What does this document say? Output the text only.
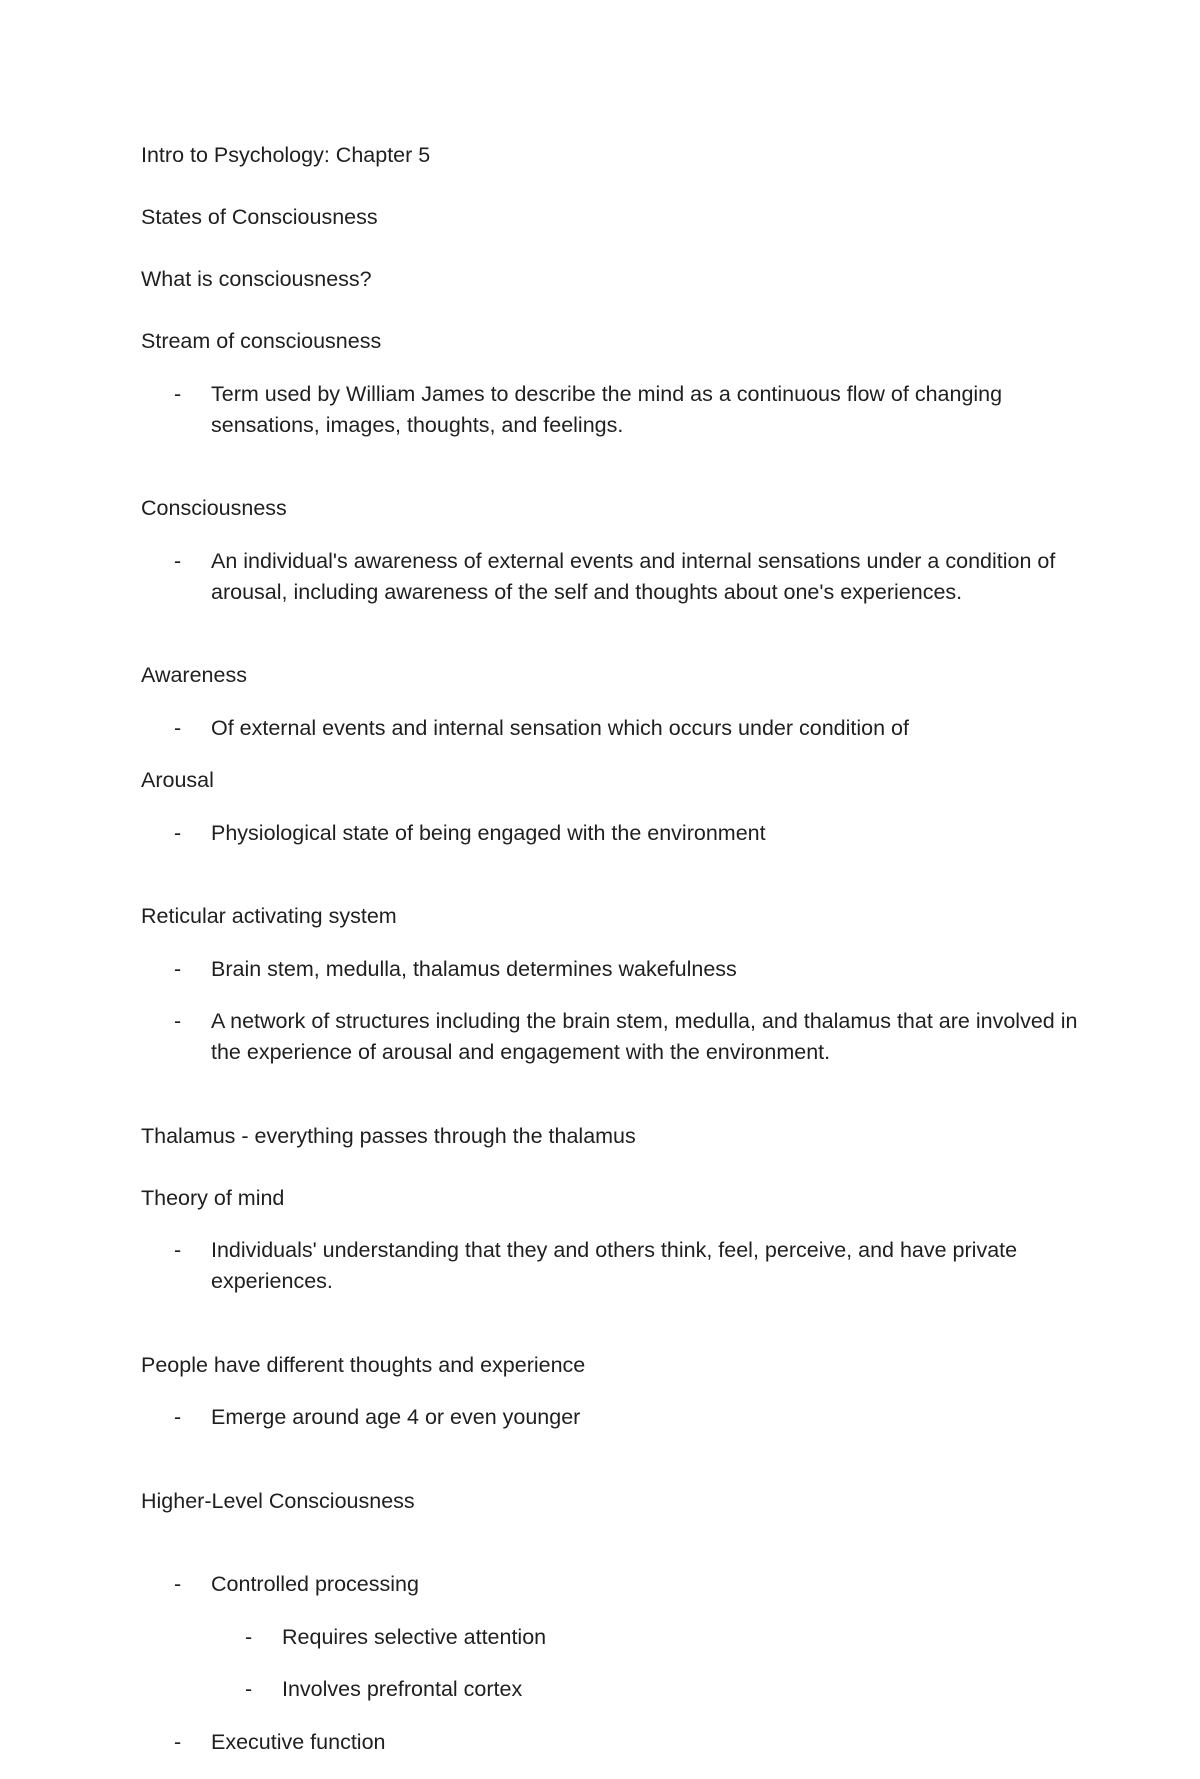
Intro to Psychology: Chapter 5

States of Consciousness

What is consciousness?

Stream of consciousness

- Term used by William James to describe the mind as a continuous flow of changing sensations, images, thoughts, and feelings.

Consciousness

- An individual's awareness of external events and internal sensations under a condition of arousal, including awareness of the self and thoughts about one's experiences.

Awareness

- Of external events and internal sensation which occurs under condition of

Arousal

- Physiological state of being engaged with the environment

Reticular activating system

- Brain stem, medulla, thalamus determines wakefulness

- A network of structures including the brain stem, medulla, and thalamus that are involved in the experience of arousal and engagement with the environment.

Thalamus - everything passes through the thalamus

Theory of mind

- Individuals' understanding that they and others think, feel, perceive, and have private experiences.

People have different thoughts and experience

- Emerge around age 4 or even younger

Higher-Level Consciousness

- Controlled processing

- Requires selective attention

- Involves prefrontal cortex

- Executive function
